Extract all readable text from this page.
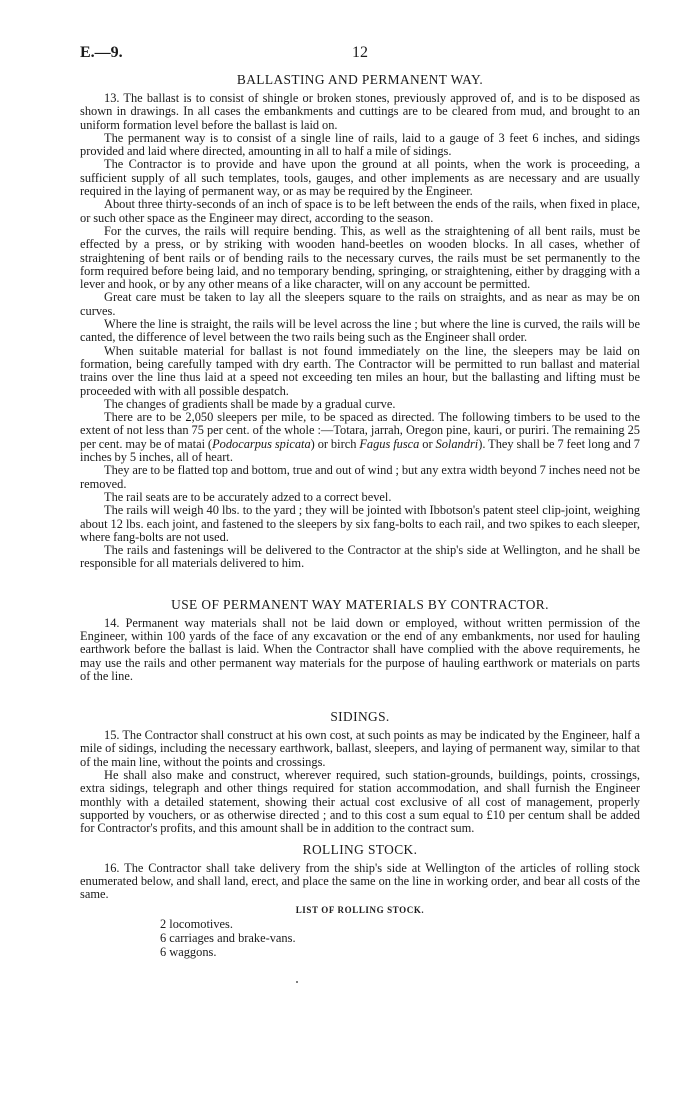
12
E.—9.
BALLASTING AND PERMANENT WAY.

13. The ballast is to consist of shingle or broken stones, previously approved of, and is to be disposed as shown in drawings. In all cases the embankments and cuttings are to be cleared from mud, and brought to an uniform formation level before the ballast is laid on.

The permanent way is to consist of a single line of rails, laid to a gauge of 3 feet 6 inches, and sidings provided and laid where directed, amounting in all to half a mile of sidings.

The Contractor is to provide and have upon the ground at all points, when the work is proceeding, a sufficient supply of all such templates, tools, gauges, and other implements as are necessary and are usually required in the laying of permanent way, or as may be required by the Engineer.

About three thirty-seconds of an inch of space is to be left between the ends of the rails, when fixed in place, or such other space as the Engineer may direct, according to the season.

For the curves, the rails will require bending. This, as well as the straightening of all bent rails, must be effected by a press, or by striking with wooden hand-beetles on wooden blocks. In all cases, whether of straightening of bent rails or of bending rails to the necessary curves, the rails must be set permanently to the form required before being laid, and no temporary bending, springing, or straightening, either by dragging with a lever and hook, or by any other means of a like character, will on any account be permitted.

Great care must be taken to lay all the sleepers square to the rails on straights, and as near as may be on curves.

Where the line is straight, the rails will be level across the line ; but where the line is curved, the rails will be canted, the difference of level between the two rails being such as the Engineer shall order.

When suitable material for ballast is not found immediately on the line, the sleepers may be laid on formation, being carefully tamped with dry earth. The Contractor will be permitted to run ballast and material trains over the line thus laid at a speed not exceeding ten miles an hour, but the ballasting and lifting must be proceeded with with all possible despatch.

The changes of gradients shall be made by a gradual curve.

There are to be 2,050 sleepers per mile, to be spaced as directed. The following timbers to be used to the extent of not less than 75 per cent. of the whole :—Totara, jarrah, Oregon pine, kauri, or puriri. The remaining 25 per cent. may be of matai (Podocarpus spicata) or birch Fagus fusca or Solandri). They shall be 7 feet long and 7 inches by 5 inches, all of heart.

They are to be flatted top and bottom, true and out of wind ; but any extra width beyond 7 inches need not be removed.

The rail seats are to be accurately adzed to a correct bevel.

The rails will weigh 40 lbs. to the yard ; they will be jointed with Ibbotson's patent steel clip-joint, weighing about 12 lbs. each joint, and fastened to the sleepers by six fang-bolts to each rail, and two spikes to each sleeper, where fang-bolts are not used.

The rails and fastenings will be delivered to the Contractor at the ship's side at Wellington, and he shall be responsible for all materials delivered to him.

USE OF PERMANENT WAY MATERIALS BY CONTRACTOR.

14. Permanent way materials shall not be laid down or employed, without written permission of the Engineer, within 100 yards of the face of any excavation or the end of any embankments, nor used for hauling earthwork before the ballast is laid. When the Contractor shall have complied with the above requirements, he may use the rails and other permanent way materials for the purpose of hauling earthwork or materials on parts of the line.

SIDINGS.

15. The Contractor shall construct at his own cost, at such points as may be indicated by the Engineer, half a mile of sidings, including the necessary earthwork, ballast, sleepers, and laying of permanent way, similar to that of the main line, without the points and crossings.

He shall also make and construct, wherever required, such station-grounds, buildings, points, crossings, extra sidings, telegraph and other things required for station accommodation, and shall furnish the Engineer monthly with a detailed statement, showing their actual cost exclusive of all cost of management, properly supported by vouchers, or as otherwise directed ; and to this cost a sum equal to £10 per centum shall be added for Contractor's profits, and this amount shall be in addition to the contract sum.

ROLLING STOCK.

16. The Contractor shall take delivery from the ship's side at Wellington of the articles of rolling stock enumerated below, and shall land, erect, and place the same on the line in working order, and bear all costs of the same.

LIST OF ROLLING STOCK.
2 locomotives.
6 carriages and brake-vans.
6 waggons.
